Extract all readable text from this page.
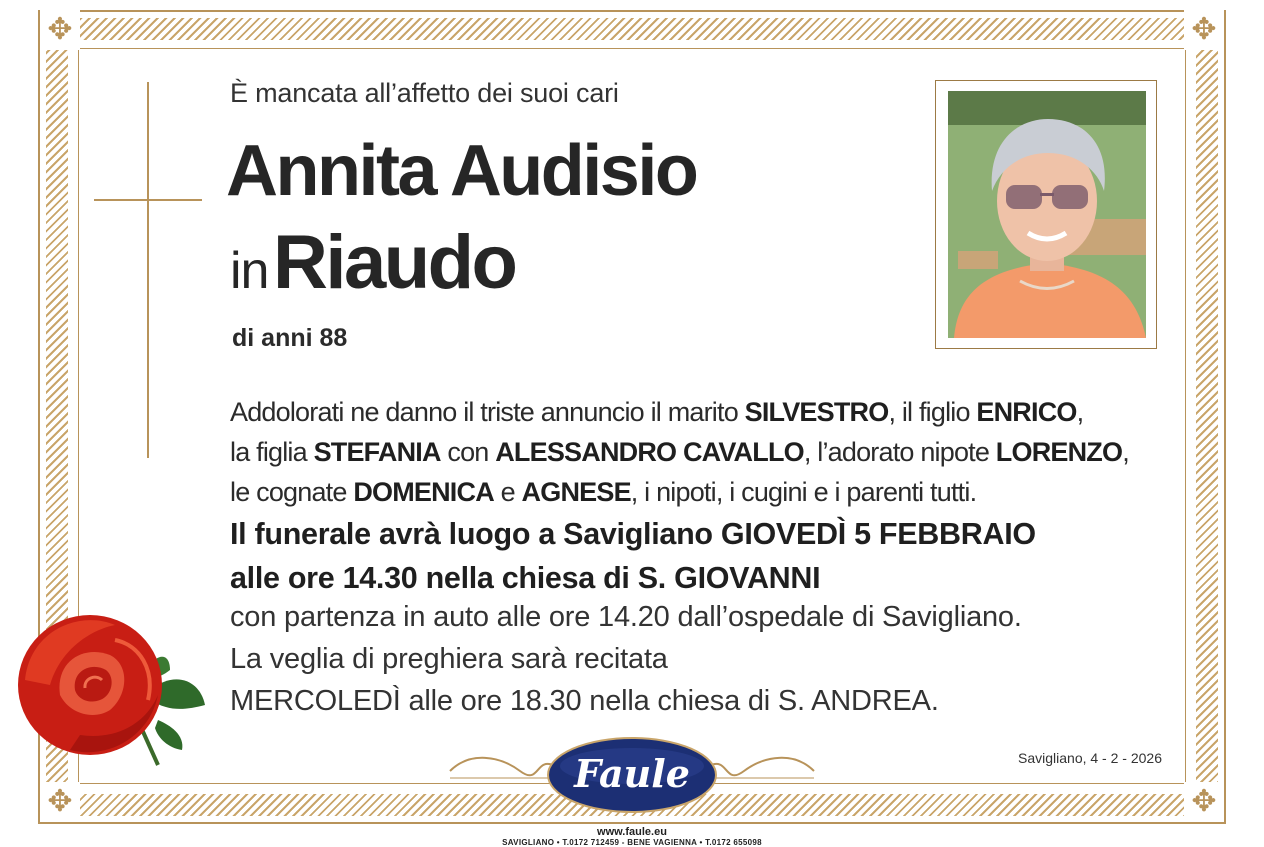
✥	✥
✥	✥
È mancata all’affetto dei suoi cari
Annita Audisio
in Riaudo
di anni 88
Addolorati ne danno il triste annuncio il marito SILVESTRO, il figlio ENRICO,
la figlia STEFANIA con ALESSANDRO CAVALLO, l’adorato nipote LORENZO,
le cognate DOMENICA e AGNESE, i nipoti, i cugini e i parenti tutti.
Il funerale avrà luogo a Savigliano GIOVEDÌ 5 FEBBRAIO
alle ore 14.30 nella chiesa di S. GIOVANNI
con partenza in auto alle ore 14.20 dall’ospedale di Savigliano.
La veglia di preghiera sarà recitata
MERCOLEDÌ alle ore 18.30 nella chiesa di S. ANDREA.
Faule	Savigliano, 4 - 2 - 2026
www.faule.eu
SAVIGLIANO • T.0172 712459 - BENE VAGIENNA • T.0172 655098
